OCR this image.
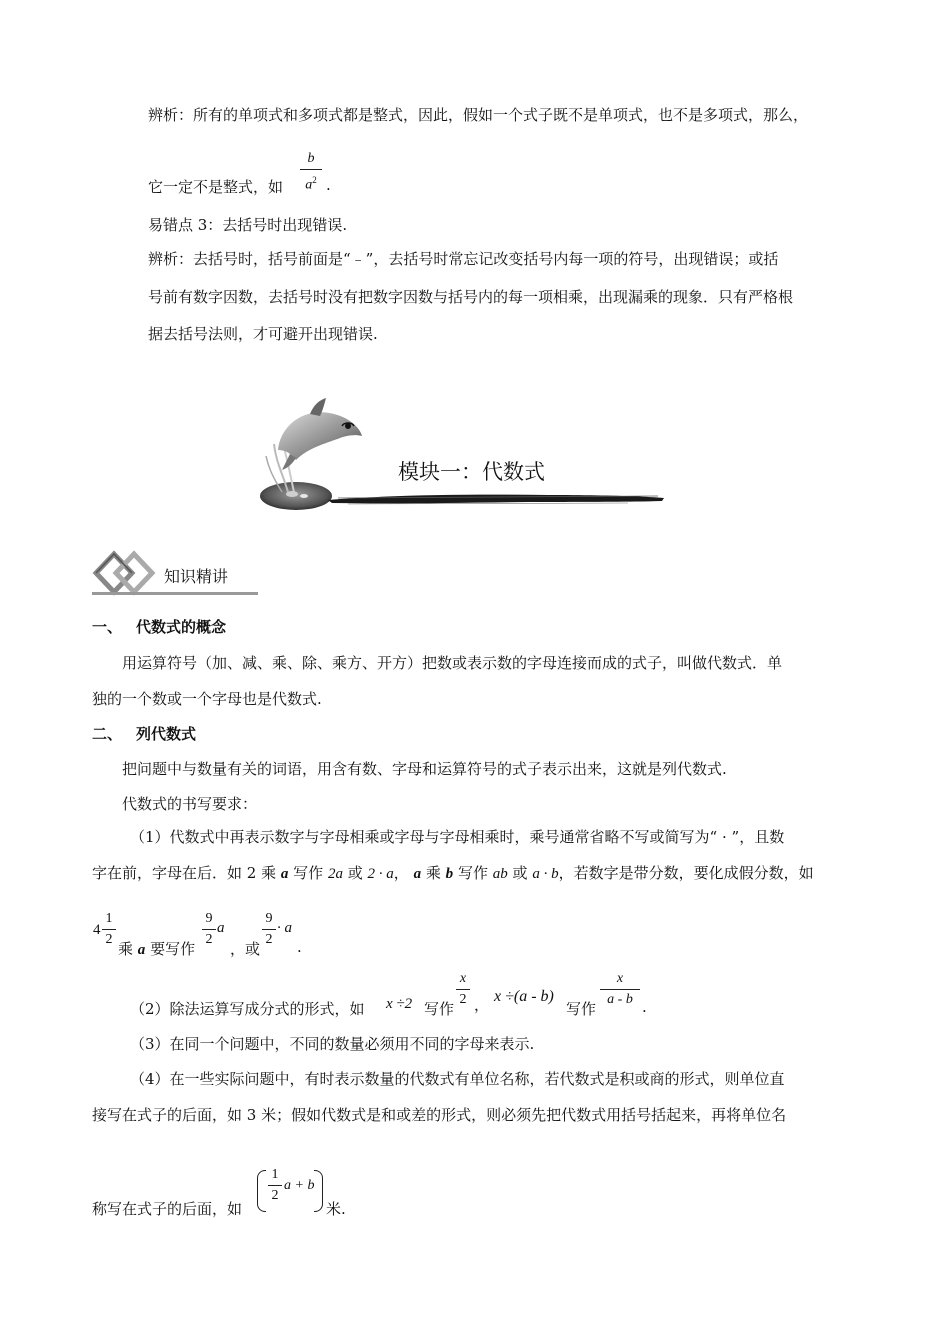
辨析：所有的单项式和多项式都是整式，因此，假如一个式子既不是单项式，也不是多项式，那么，
它一定不是整式，如
b
$a^2$ .
易错点 3：去括号时出现错误.
辨析：去括号时，括号前面是“﹣”，去括号时常忘记改变括号内每一项的符号，出现错误；或括
号前有数字因数，去括号时没有把数字因数与括号内的每一项相乘，出现漏乘的现象．只有严格根
据去括号法则，才可避开出现错误.
模块一：代数式
知识精讲
一、 代数式的概念
用运算符号（加、减、乘、除、乘方、开方）把数或表示数的字母连接而成的式子，叫做代数式．单
独的一个数或一个字母也是代数式.
二、 列代数式
把问题中与数量有关的词语，用含有数、字母和运算符号的式子表示出来，这就是列代数式.
代数式的书写要求：
（1）代数式中再表示数字与字母相乘或字母与字母相乘时，乘号通常省略不写或简写为“ · ”，且数
字在前，字母在后．如 2 乘 a 写作 2a 或 2 · a， a 乘 b 写作 ab 或 a · b，若数字是带分数，要化成假分数，如
4
1
2
乘 a 要写作
9
2
a
，或
9
2
· a
.
（2）除法运算写成分式的形式，如 x ÷2 写作
x
2 ， x ÷(a - b)
写作
x
a - b .
（3）在同一个问题中，不同的数量必须用不同的字母来表示.
（4）在一些实际问题中，有时表示数量的代数式有单位名称，若代数式是积或商的形式，则单位直
接写在式子的后面，如 3 米；假如代数式是和或差的形式，则必须先把代数式用括号括起来，再将单位名
称写在式子的后面，如
1
2
a + b
米.
